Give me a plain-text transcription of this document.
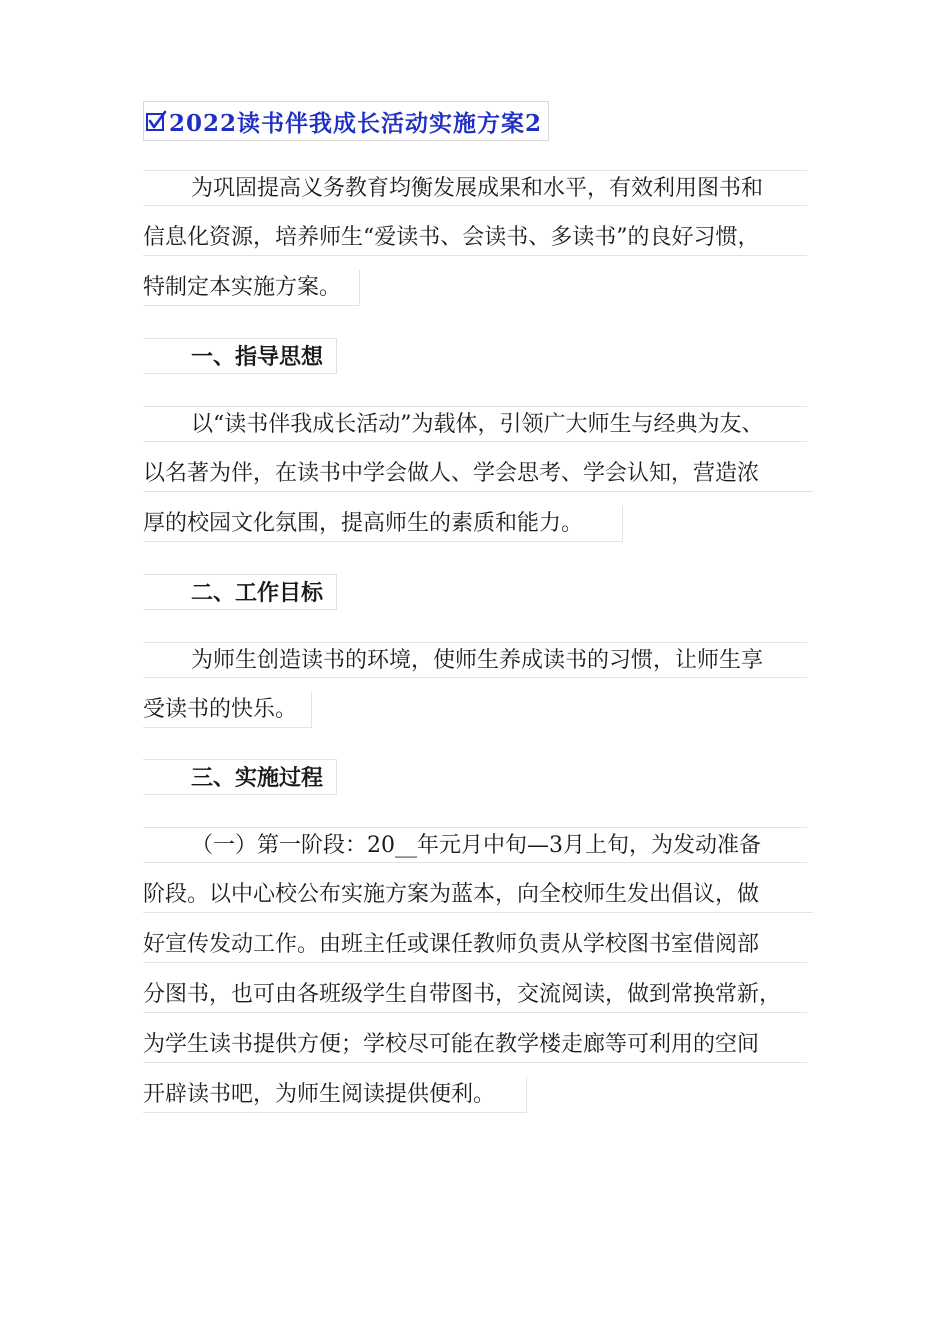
2022读书伴我成长活动实施方案2
为巩固提高义务教育均衡发展成果和水平，有效利用图书和
信息化资源，培养师生“爱读书、会读书、多读书”的良好习惯，
特制定本实施方案。
一、指导思想
以“读书伴我成长活动”为载体，引领广大师生与经典为友、
以名著为伴，在读书中学会做人、学会思考、学会认知，营造浓
厚的校园文化氛围，提高师生的素质和能力。
二、工作目标
为师生创造读书的环境，使师生养成读书的习惯，让师生享
受读书的快乐。
三、实施过程
（一）第一阶段：20__年元月中旬—3月上旬，为发动准备
阶段。以中心校公布实施方案为蓝本，向全校师生发出倡议，做
好宣传发动工作。由班主任或课任教师负责从学校图书室借阅部
分图书，也可由各班级学生自带图书，交流阅读，做到常换常新，
为学生读书提供方便；学校尽可能在教学楼走廊等可利用的空间
开辟读书吧，为师生阅读提供便利。
